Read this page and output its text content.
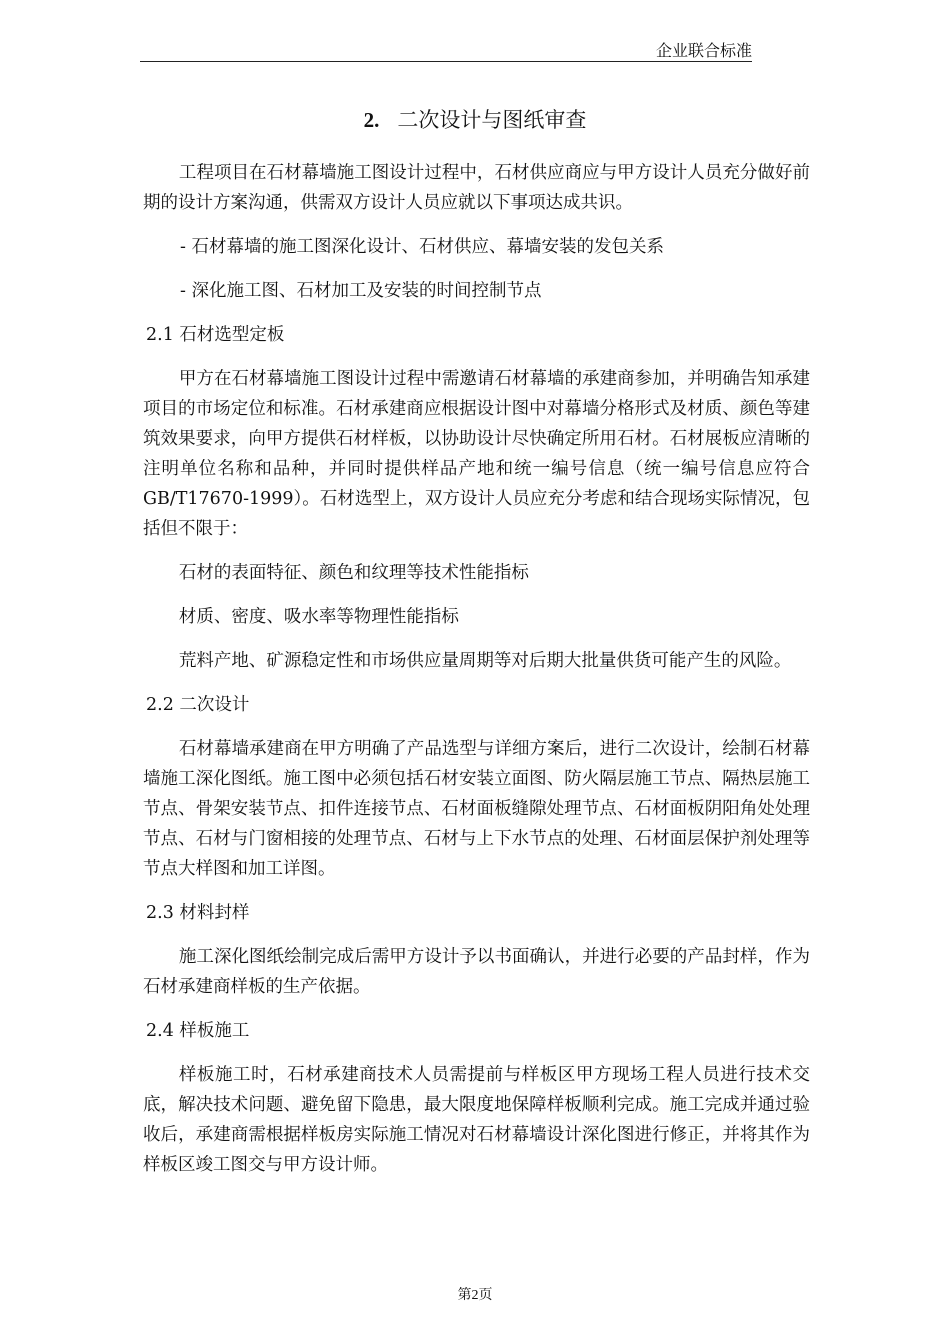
企业联合标准
2. 二次设计与图纸审查

工程项目在石材幕墙施工图设计过程中，石材供应商应与甲方设计人员充分做好前期的设计方案沟通，供需双方设计人员应就以下事项达成共识。

- 石材幕墙的施工图深化设计、石材供应、幕墙安装的发包关系

- 深化施工图、石材加工及安装的时间控制节点

2.1 石材选型定板

甲方在石材幕墙施工图设计过程中需邀请石材幕墙的承建商参加，并明确告知承建项目的市场定位和标准。石材承建商应根据设计图中对幕墙分格形式及材质、颜色等建筑效果要求，向甲方提供石材样板，以协助设计尽快确定所用石材。石材展板应清晰的注明单位名称和品种，并同时提供样品产地和统一编号信息（统一编号信息应符合GB/T17670-1999）。石材选型上，双方设计人员应充分考虑和结合现场实际情况，包括但不限于：

石材的表面特征、颜色和纹理等技术性能指标

材质、密度、吸水率等物理性能指标

荒料产地、矿源稳定性和市场供应量周期等对后期大批量供货可能产生的风险。

2.2 二次设计

石材幕墙承建商在甲方明确了产品选型与详细方案后，进行二次设计，绘制石材幕墙施工深化图纸。施工图中必须包括石材安装立面图、防火隔层施工节点、隔热层施工节点、骨架安装节点、扣件连接节点、石材面板缝隙处理节点、石材面板阴阳角处处理节点、石材与门窗相接的处理节点、石材与上下水节点的处理、石材面层保护剂处理等节点大样图和加工详图。

2.3 材料封样

施工深化图纸绘制完成后需甲方设计予以书面确认，并进行必要的产品封样，作为石材承建商样板的生产依据。

2.4 样板施工

样板施工时，石材承建商技术人员需提前与样板区甲方现场工程人员进行技术交底，解决技术问题、避免留下隐患，最大限度地保障样板顺利完成。施工完成并通过验收后，承建商需根据样板房实际施工情况对石材幕墙设计深化图进行修正，并将其作为样板区竣工图交与甲方设计师。

第2页
